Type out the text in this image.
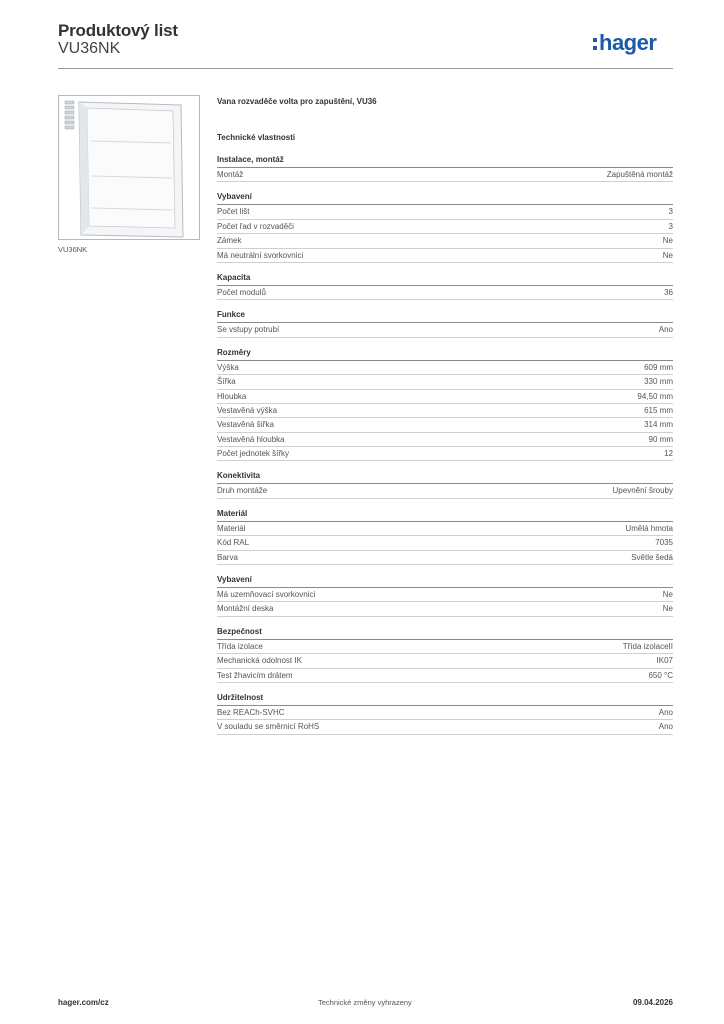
Produktový list
VU36NK	hager
VU36NK
Vana rozvaděče volta pro zapuštění, VU36
Technické vlastnosti
Instalace, montáž
Montáž	Zapuštěná montáž
Vybavení
Počet lišt	3
Počet řad v rozvaděči	3
Zámek	Ne
Má neutrální svorkovnici	Ne
Kapacita
Počet modulů	36
Funkce
Se vstupy potrubí	Ano
Rozměry
Výška	609 mm
Šířka	330 mm
Hloubka	94,50 mm
Vestavěná výška	615 mm
Vestavěná šířka	314 mm
Vestavěná hloubka	90 mm
Počet jednotek šířky	12
Konektivita
Druh montáže	Upevnění šrouby
Materiál
Materiál	Umělá hmota
Kód RAL	7035
Barva	Světle šedá
Vybavení
Má uzemňovací svorkovnici	Ne
Montážní deska	Ne
Bezpečnost
Třída izolace	Třída izolaceII
Mechanická odolnost IK	IK07
Test žhavicím drátem	650 °C
Udržitelnost
Bez REACh-SVHC	Ano
V souladu se směrnicí RoHS	Ano
hager.com/cz	Technické změny vyhrazeny	09.04.2026
